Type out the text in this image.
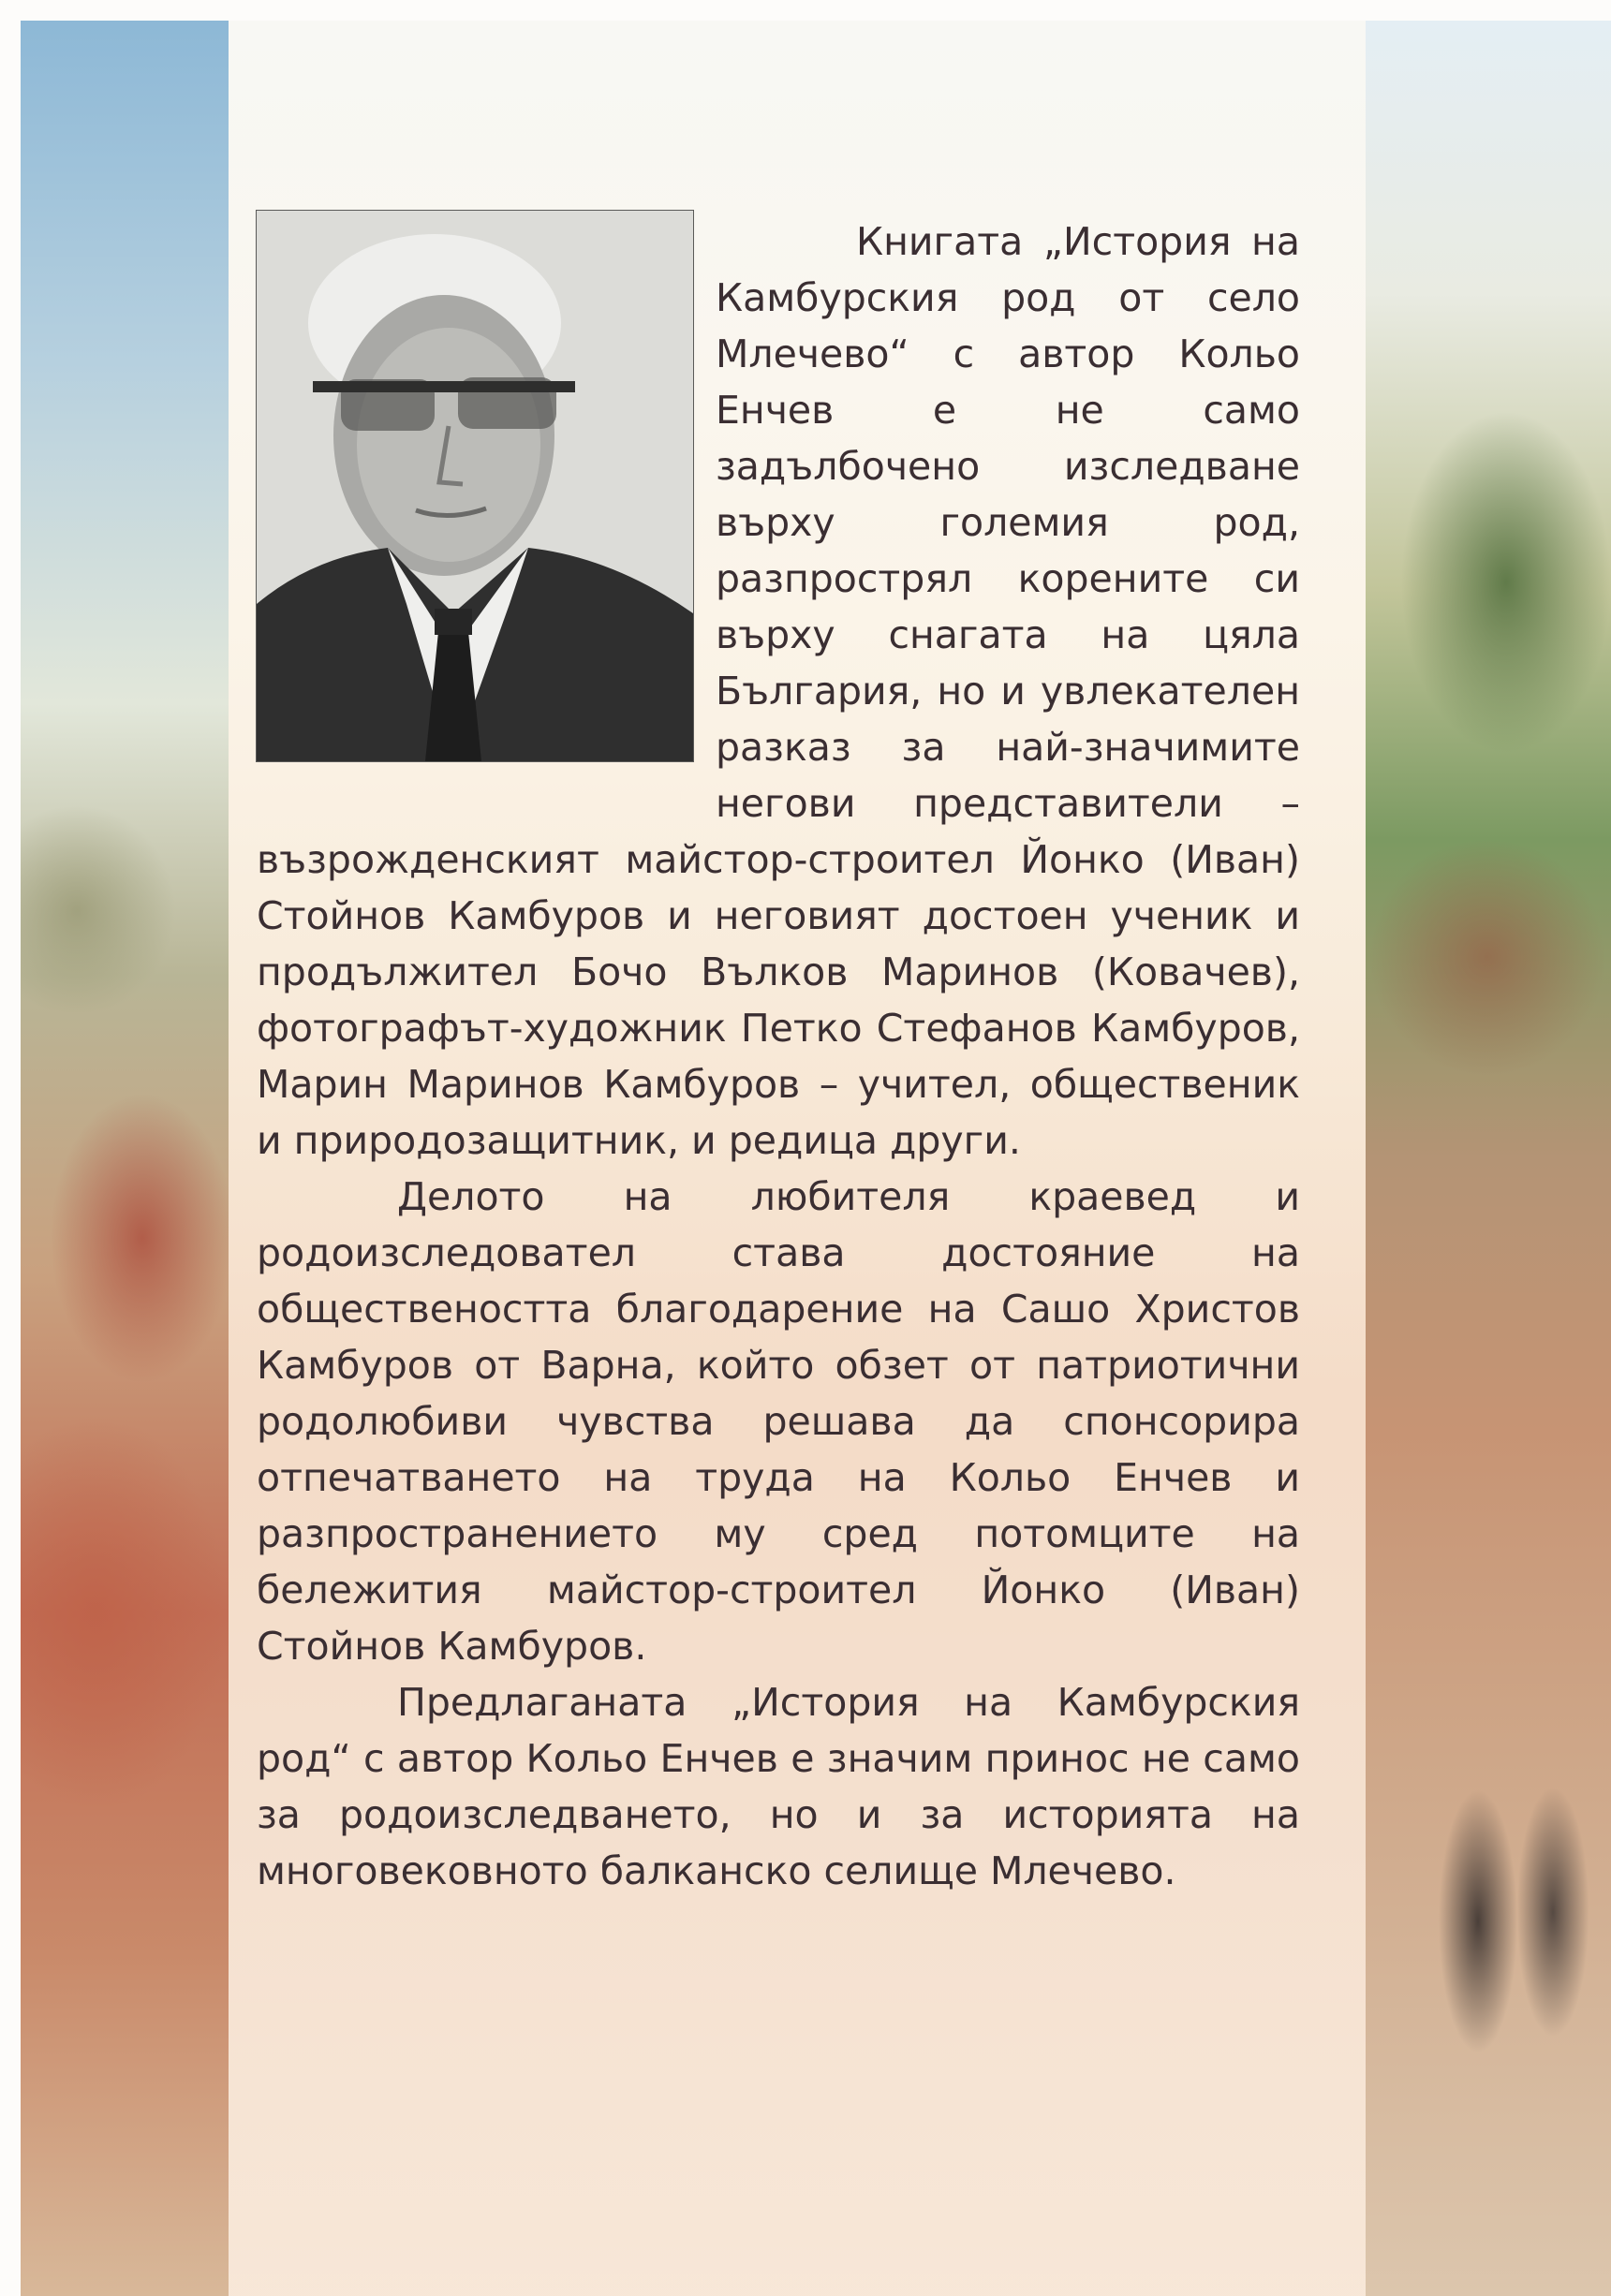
Книгата „История на Камбурския род от село Млечево“ с автор Кольо Енчев е не само задълбочено изследване върху големия род, разпрострял корените си върху снагата на цяла България, но и увлекателен разказ за най-значимите негови представители – възрожденският майстор-строител Йонко (Иван) Стойнов Камбуров и неговият достоен ученик и продължител Бочо Вълков Маринов (Ковачев), фотографът-художник Петко Стефанов Камбуров, Марин Маринов Камбуров – учител, общественик и природозащитник, и редица други.

Делото на любителя краевед и родоизследовател става достояние на обществеността благодарение на Сашо Христов Камбуров от Варна, който обзет от патриотични родолюбиви чувства решава да спонсорира отпечатването на труда на Кольо Енчев и разпространението му сред потомците на бележития майстор-строител Йонко (Иван) Стойнов Камбуров.

Предлаганата „История на Камбурския род“ с автор Кольо Енчев е значим принос не само за родоизследването, но и за историята на многовековното балканско селище Млечево.
